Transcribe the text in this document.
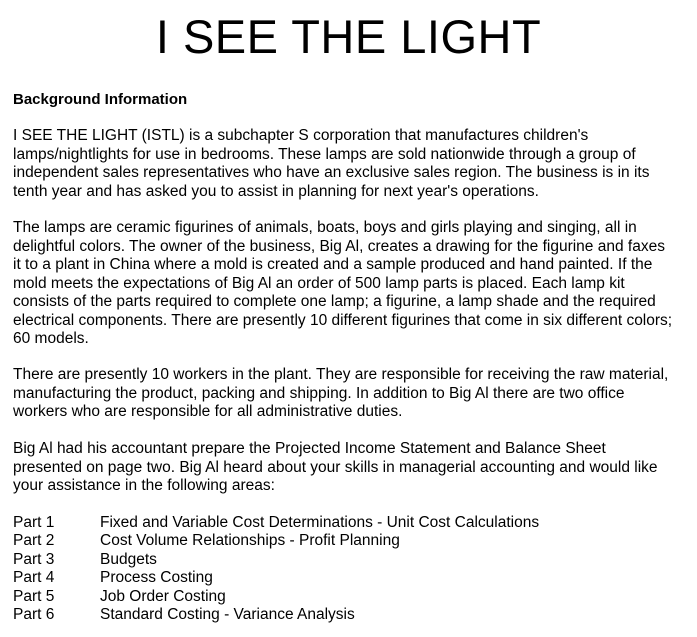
I SEE THE LIGHT
Background Information

I SEE THE LIGHT (ISTL) is a subchapter S corporation that manufactures children's
lamps/nightlights for use in bedrooms. These lamps are sold nationwide through a group of
independent sales representatives who have an exclusive sales region. The business is in its
tenth year and has asked you to assist in planning for next year's operations.

The lamps are ceramic figurines of animals, boats, boys and girls playing and singing, all in
delightful colors. The owner of the business, Big Al, creates a drawing for the figurine and faxes
it to a plant in China where a mold is created and a sample produced and hand painted. If the
mold meets the expectations of Big Al an order of 500 lamp parts is placed. Each lamp kit
consists of the parts required to complete one lamp; a figurine, a lamp shade and the required
electrical components. There are presently 10 different figurines that come in six different colors;
60 models.

There are presently 10 workers in the plant. They are responsible for receiving the raw material,
manufacturing the product, packing and shipping. In addition to Big Al there are two office
workers who are responsible for all administrative duties.

Big Al had his accountant prepare the Projected Income Statement and Balance Sheet
presented on page two. Big Al heard about your skills in managerial accounting and would like
your assistance in the following areas:

Part 1	Fixed and Variable Cost Determinations - Unit Cost Calculations
Part 2	Cost Volume Relationships - Profit Planning
Part 3	Budgets
Part 4	Process Costing
Part 5	Job Order Costing
Part 6	Standard Costing - Variance Analysis
